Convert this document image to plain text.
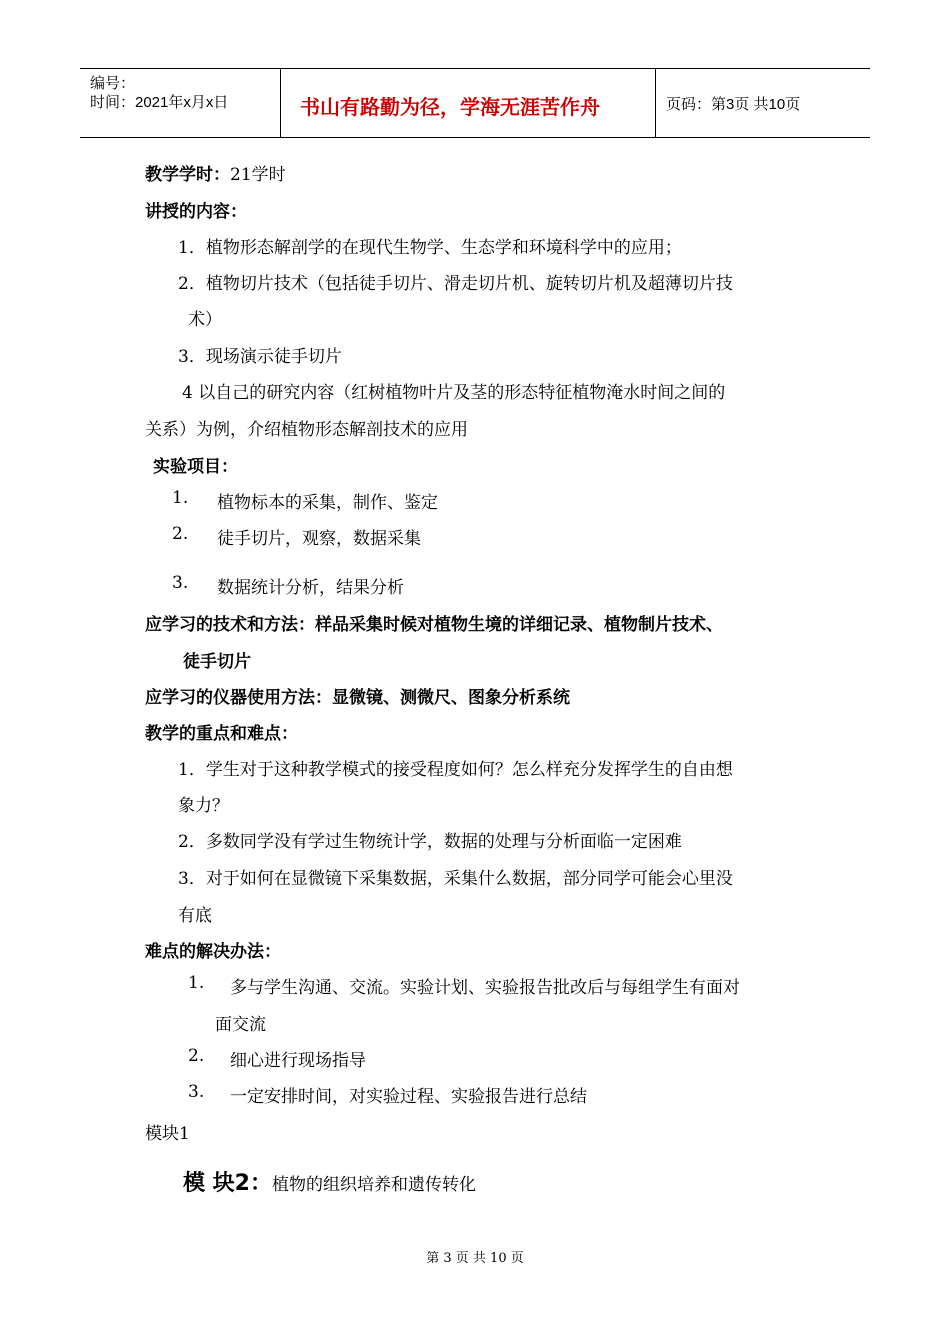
编号：
时间：2021年x月x日	书山有路勤为径，学海无涯苦作舟	页码：第3页 共10页
教学学时：21学时
讲授的内容：
1．植物形态解剖学的在现代生物学、生态学和环境科学中的应用；
2．植物切片技术（包括徒手切片、滑走切片机、旋转切片机及超薄切片技
术）
3．现场演示徒手切片
4 以自己的研究内容（红树植物叶片及茎的形态特征植物淹水时间之间的
关系）为例，介绍植物形态解剖技术的应用
实验项目：
1. 植物标本的采集，制作、鉴定
2. 徒手切片，观察，数据采集
3. 数据统计分析，结果分析
应学习的技术和方法：样品采集时候对植物生境的详细记录、植物制片技术、
徒手切片
应学习的仪器使用方法：显微镜、测微尺、图象分析系统
教学的重点和难点：
1．学生对于这种教学模式的接受程度如何？怎么样充分发挥学生的自由想
象力？
2．多数同学没有学过生物统计学，数据的处理与分析面临一定困难
3．对于如何在显微镜下采集数据，采集什么数据，部分同学可能会心里没
有底
难点的解决办法：
1. 多与学生沟通、交流。实验计划、实验报告批改后与每组学生有面对
面交流
2. 细心进行现场指导
3. 一定安排时间，对实验过程、实验报告进行总结
模块1
模 块2：植物的组织培养和遗传转化
第 3 页 共 10 页
